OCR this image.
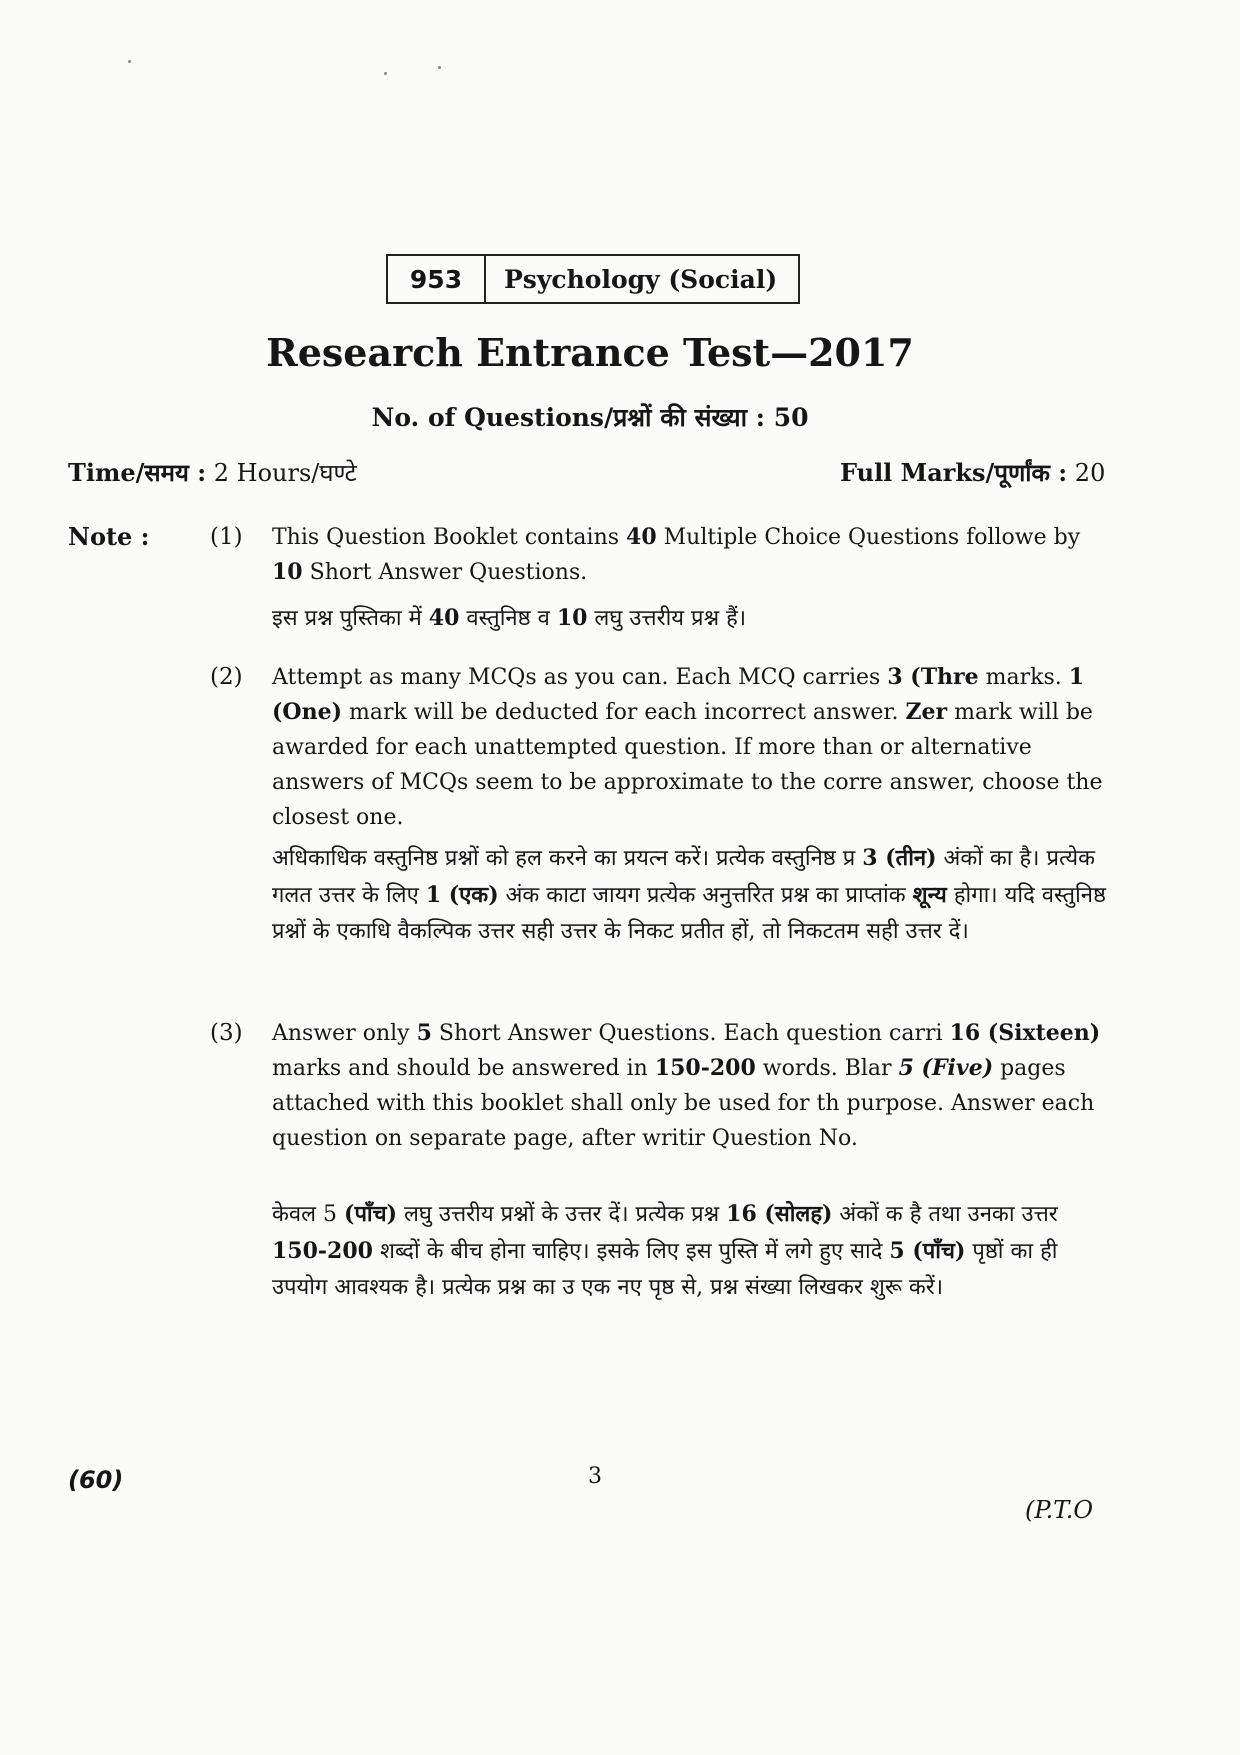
953	Psychology (Social)
Research Entrance Test—2017
No. of Questions/प्रश्नों की संख्या : 50
Time/समय : 2 Hours/घण्टे	Full Marks/पूर्णांक : 20
Note :	(1) This Question Booklet contains 40 Multiple Choice Questions followe by 10 Short Answer Questions.
इस प्रश्न पुस्तिका में 40 वस्तुनिष्ठ व 10 लघु उत्तरीय प्रश्न हैं।
(2) Attempt as many MCQs as you can. Each MCQ carries 3 (Thre marks. 1 (One) mark will be deducted for each incorrect answer. Zer mark will be awarded for each unattempted question. If more than or alternative answers of MCQs seem to be approximate to the corre answer, choose the closest one.
अधिकाधिक वस्तुनिष्ठ प्रश्नों को हल करने का प्रयत्न करें। प्रत्येक वस्तुनिष्ठ प्र 3 (तीन) अंकों का है। प्रत्येक गलत उत्तर के लिए 1 (एक) अंक काटा जायग प्रत्येक अनुत्तरित प्रश्न का प्राप्तांक शून्य होगा। यदि वस्तुनिष्ठ प्रश्नों के एकाधि वैकल्पिक उत्तर सही उत्तर के निकट प्रतीत हों, तो निकटतम सही उत्तर दें।
(3) Answer only 5 Short Answer Questions. Each question carri 16 (Sixteen) marks and should be answered in 150-200 words. Blar 5 (Five) pages attached with this booklet shall only be used for th purpose. Answer each question on separate page, after writir Question No.
केवल 5 (पाँच) लघु उत्तरीय प्रश्नों के उत्तर दें। प्रत्येक प्रश्न 16 (सोलह) अंकों क है तथा उनका उत्तर 150-200 शब्दों के बीच होना चाहिए। इसके लिए इस पुस्ति में लगे हुए सादे 5 (पाँच) पृष्ठों का ही उपयोग आवश्यक है। प्रत्येक प्रश्न का उ एक नए पृष्ठ से, प्रश्न संख्या लिखकर शुरू करें।
(60)	3
(P.T.O
